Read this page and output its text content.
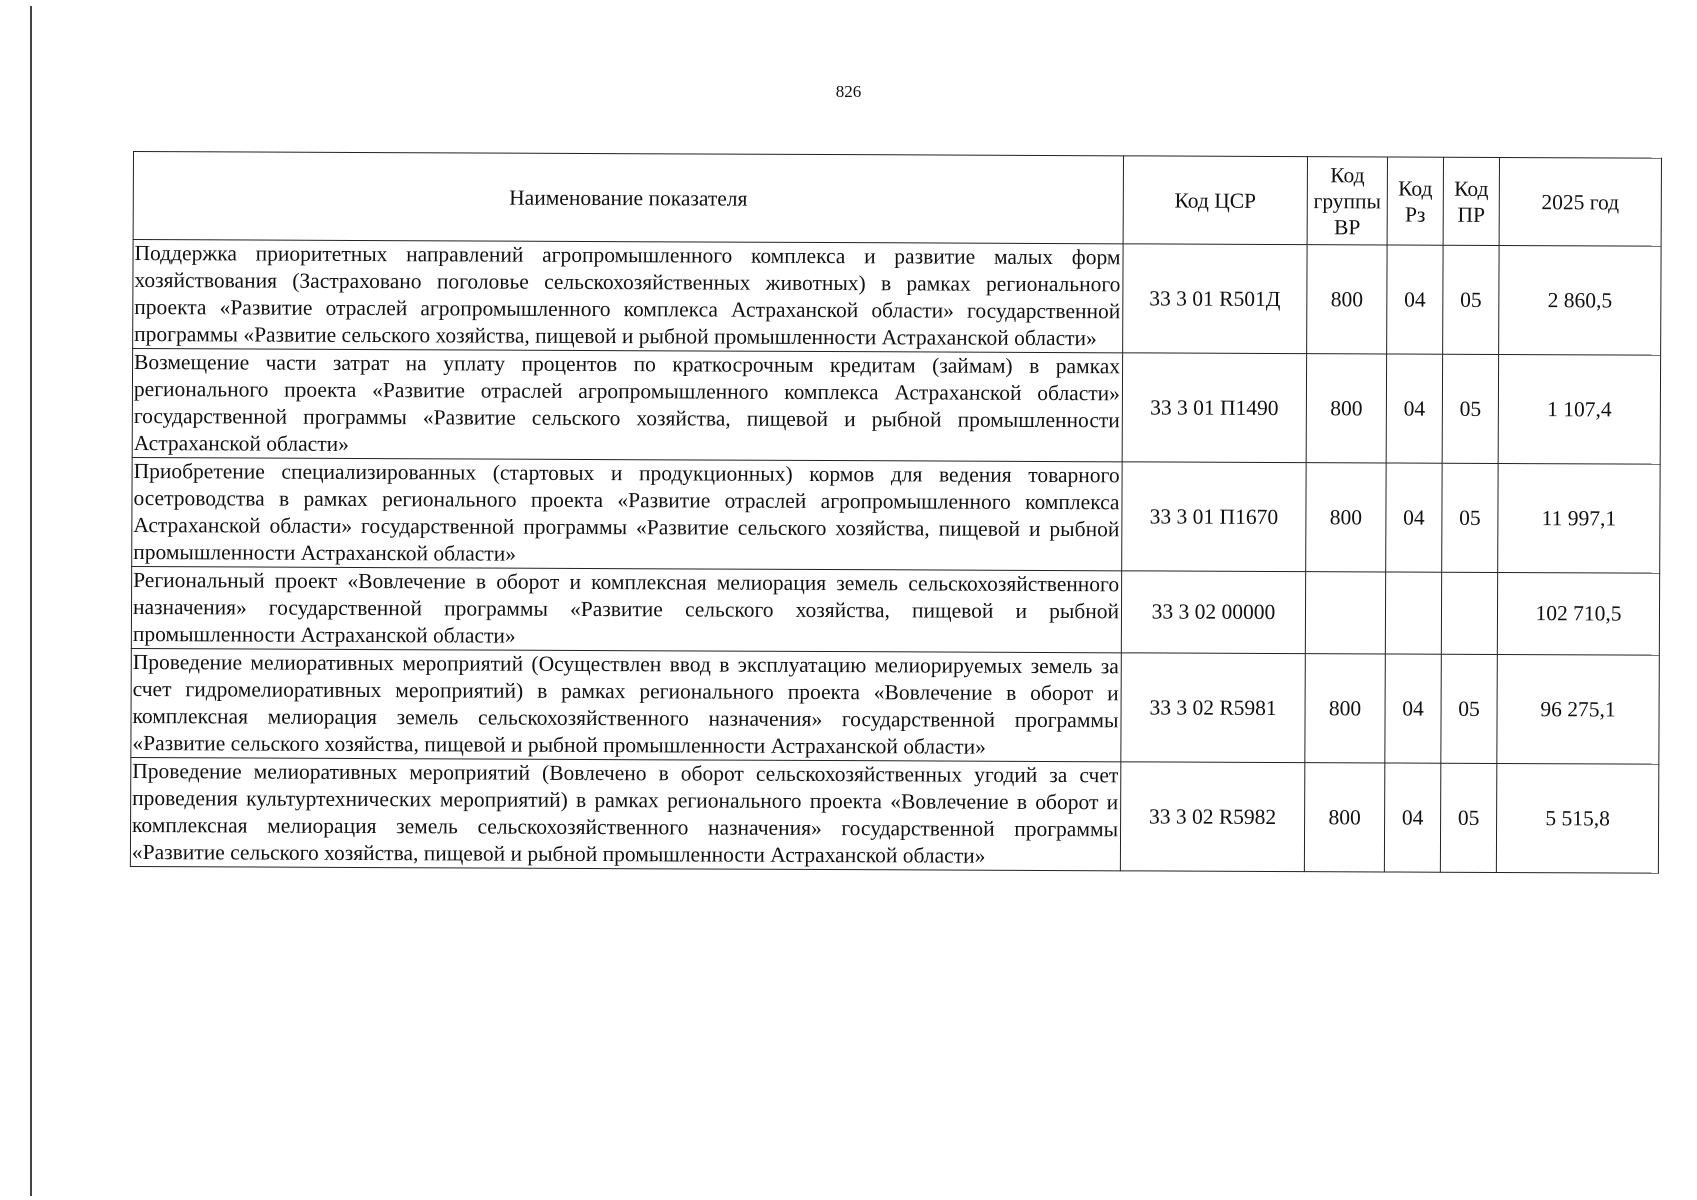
826
Наименование показателя	Код ЦСР	Код группы ВР	Код Рз	Код ПР	2025 год
Поддержка приоритетных направлений агропромышленного комплекса и развитие малых форм хозяйствования (Застраховано поголовье сельскохозяйственных животных) в рамках регионального проекта «Развитие отраслей агропромышленного комплекса Астраханской области» государственной программы «Развитие сельского хозяйства, пищевой и рыбной промышленности Астраханской области»	33 3 01 R501Д	800	04	05	2 860,5
Возмещение части затрат на уплату процентов по краткосрочным кредитам (займам) в рамках регионального проекта «Развитие отраслей агропромышленного комплекса Астраханской области» государственной программы «Развитие сельского хозяйства, пищевой и рыбной промышленности Астраханской области»	33 3 01 П1490	800	04	05	1 107,4
Приобретение специализированных (стартовых и продукционных) кормов для ведения товарного осетроводства в рамках регионального проекта «Развитие отраслей агропромышленного комплекса Астраханской области» государственной программы «Развитие сельского хозяйства, пищевой и рыбной промышленности Астраханской области»	33 3 01 П1670	800	04	05	11 997,1
Региональный проект «Вовлечение в оборот и комплексная мелиорация земель сельскохозяйственного назначения» государственной программы «Развитие сельского хозяйства, пищевой и рыбной промышленности Астраханской области»	33 3 02 00000				102 710,5
Проведение мелиоративных мероприятий (Осуществлен ввод в эксплуатацию мелиорируемых земель за счет гидромелиоративных мероприятий) в рамках регионального проекта «Вовлечение в оборот и комплексная мелиорация земель сельскохозяйственного назначения» государственной программы «Развитие сельского хозяйства, пищевой и рыбной промышленности Астраханской области»	33 3 02 R5981	800	04	05	96 275,1
Проведение мелиоративных мероприятий (Вовлечено в оборот сельскохозяйственных угодий за счет проведения культуртехнических мероприятий) в рамках регионального проекта «Вовлечение в оборот и комплексная мелиорация земель сельскохозяйственного назначения» государственной программы «Развитие сельского хозяйства, пищевой и рыбной промышленности Астраханской области»	33 3 02 R5982	800	04	05	5 515,8
